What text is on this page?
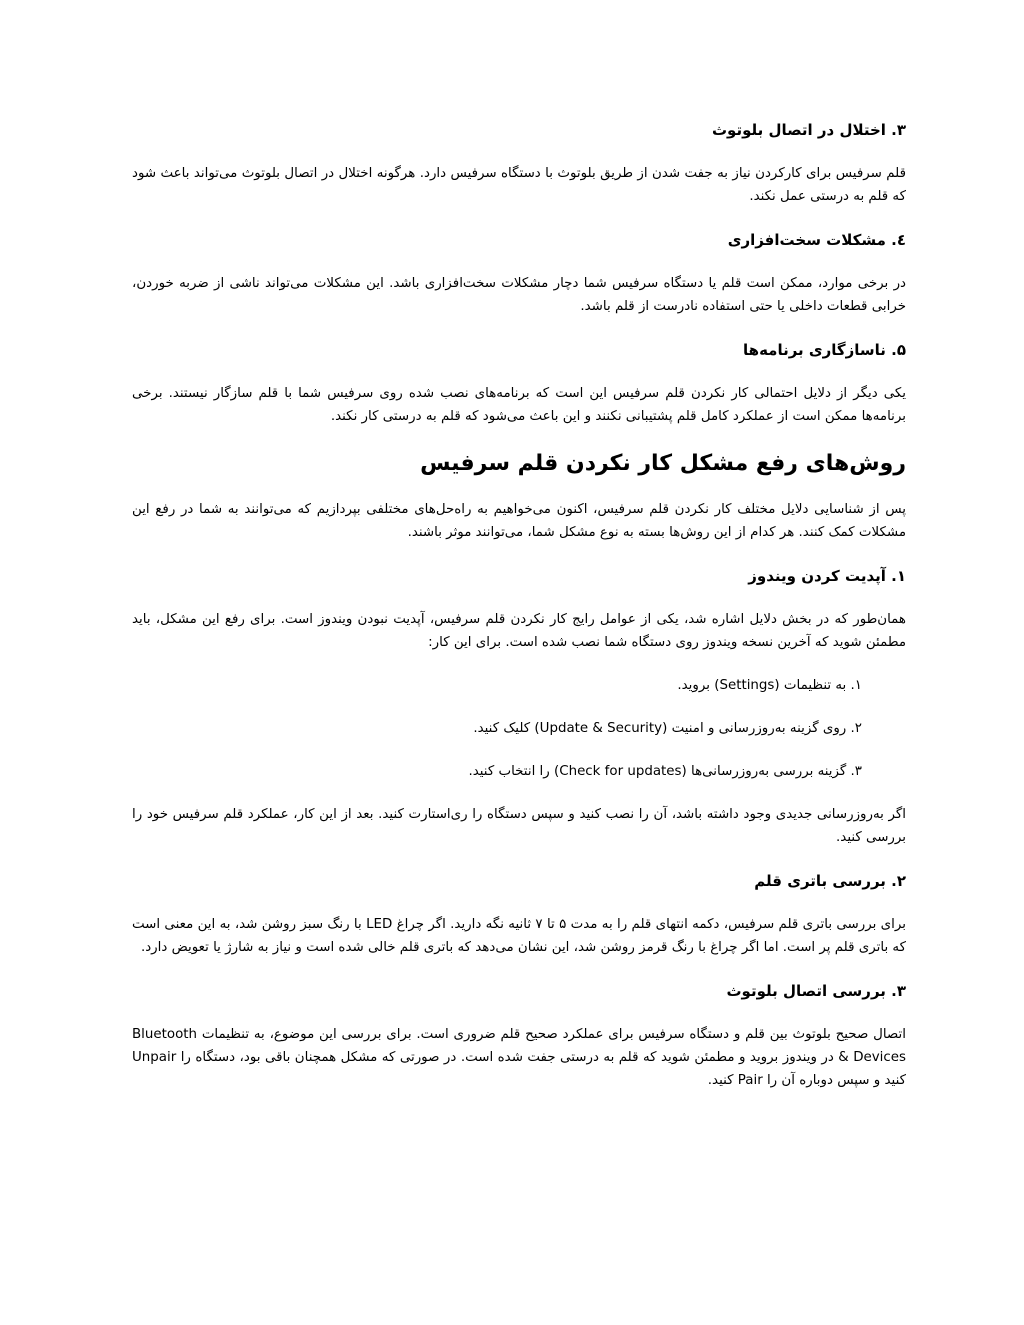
۳. اختلال در اتصال بلوتوث
قلم سرفیس برای کارکردن نیاز به جفت شدن از طریق بلوتوث با دستگاه سرفیس دارد. هرگونه اختلال در اتصال بلوتوث می‌تواند باعث شود که قلم به درستی عمل نکند.
٤. مشکلات سخت‌افزاری
در برخی موارد، ممکن است قلم یا دستگاه سرفیس شما دچار مشکلات سخت‌افزاری باشد. این مشکلات می‌تواند ناشی از ضربه خوردن، خرابی قطعات داخلی یا حتی استفاده نادرست از قلم باشد.
۵. ناسازگاری برنامه‌ها
یکی دیگر از دلایل احتمالی کار نکردن قلم سرفیس این است که برنامه‌های نصب شده روی سرفیس شما با قلم سازگار نیستند. برخی برنامه‌ها ممکن است از عملکرد کامل قلم پشتیبانی نکنند و این باعث می‌شود که قلم به درستی کار نکند.
روش‌های رفع مشکل کار نکردن قلم سرفیس
پس از شناسایی دلایل مختلف کار نکردن قلم سرفیس، اکنون می‌خواهیم به راه‌حل‌های مختلفی بپردازیم که می‌توانند به شما در رفع این مشکلات کمک کنند. هر کدام از این روش‌ها بسته به نوع مشکل شما، می‌توانند موثر باشند.
۱. آپدیت کردن ویندوز
همان‌طور که در بخش دلایل اشاره شد، یکی از عوامل رایج کار نکردن قلم سرفیس، آپدیت نبودن ویندوز است. برای رفع این مشکل، باید مطمئن شوید که آخرین نسخه ویندوز روی دستگاه شما نصب شده است. برای این کار:
۱. به تنظیمات (Settings) بروید.
۲. روی گزینه به‌روزرسانی و امنیت (Update & Security) کلیک کنید.
۳. گزینه بررسی به‌روزرسانی‌ها (Check for updates) را انتخاب کنید.
اگر به‌روزرسانی جدیدی وجود داشته باشد، آن را نصب کنید و سپس دستگاه را ری‌استارت کنید. بعد از این کار، عملکرد قلم سرفیس خود را بررسی کنید.
۲. بررسی باتری قلم
برای بررسی باتری قلم سرفیس، دکمه انتهای قلم را به مدت ۵ تا ۷ ثانیه نگه دارید. اگر چراغ LED با رنگ سبز روشن شد، به این معنی است که باتری قلم پر است. اما اگر چراغ با رنگ قرمز روشن شد، این نشان می‌دهد که باتری قلم خالی شده است و نیاز به شارژ یا تعویض دارد.
۳. بررسی اتصال بلوتوث
اتصال صحیح بلوتوث بین قلم و دستگاه سرفیس برای عملکرد صحیح قلم ضروری است. برای بررسی این موضوع، به تنظیمات Bluetooth & Devices در ویندوز بروید و مطمئن شوید که قلم به درستی جفت شده است. در صورتی که مشکل همچنان باقی بود، دستگاه را Unpair کنید و سپس دوباره آن را Pair کنید.
